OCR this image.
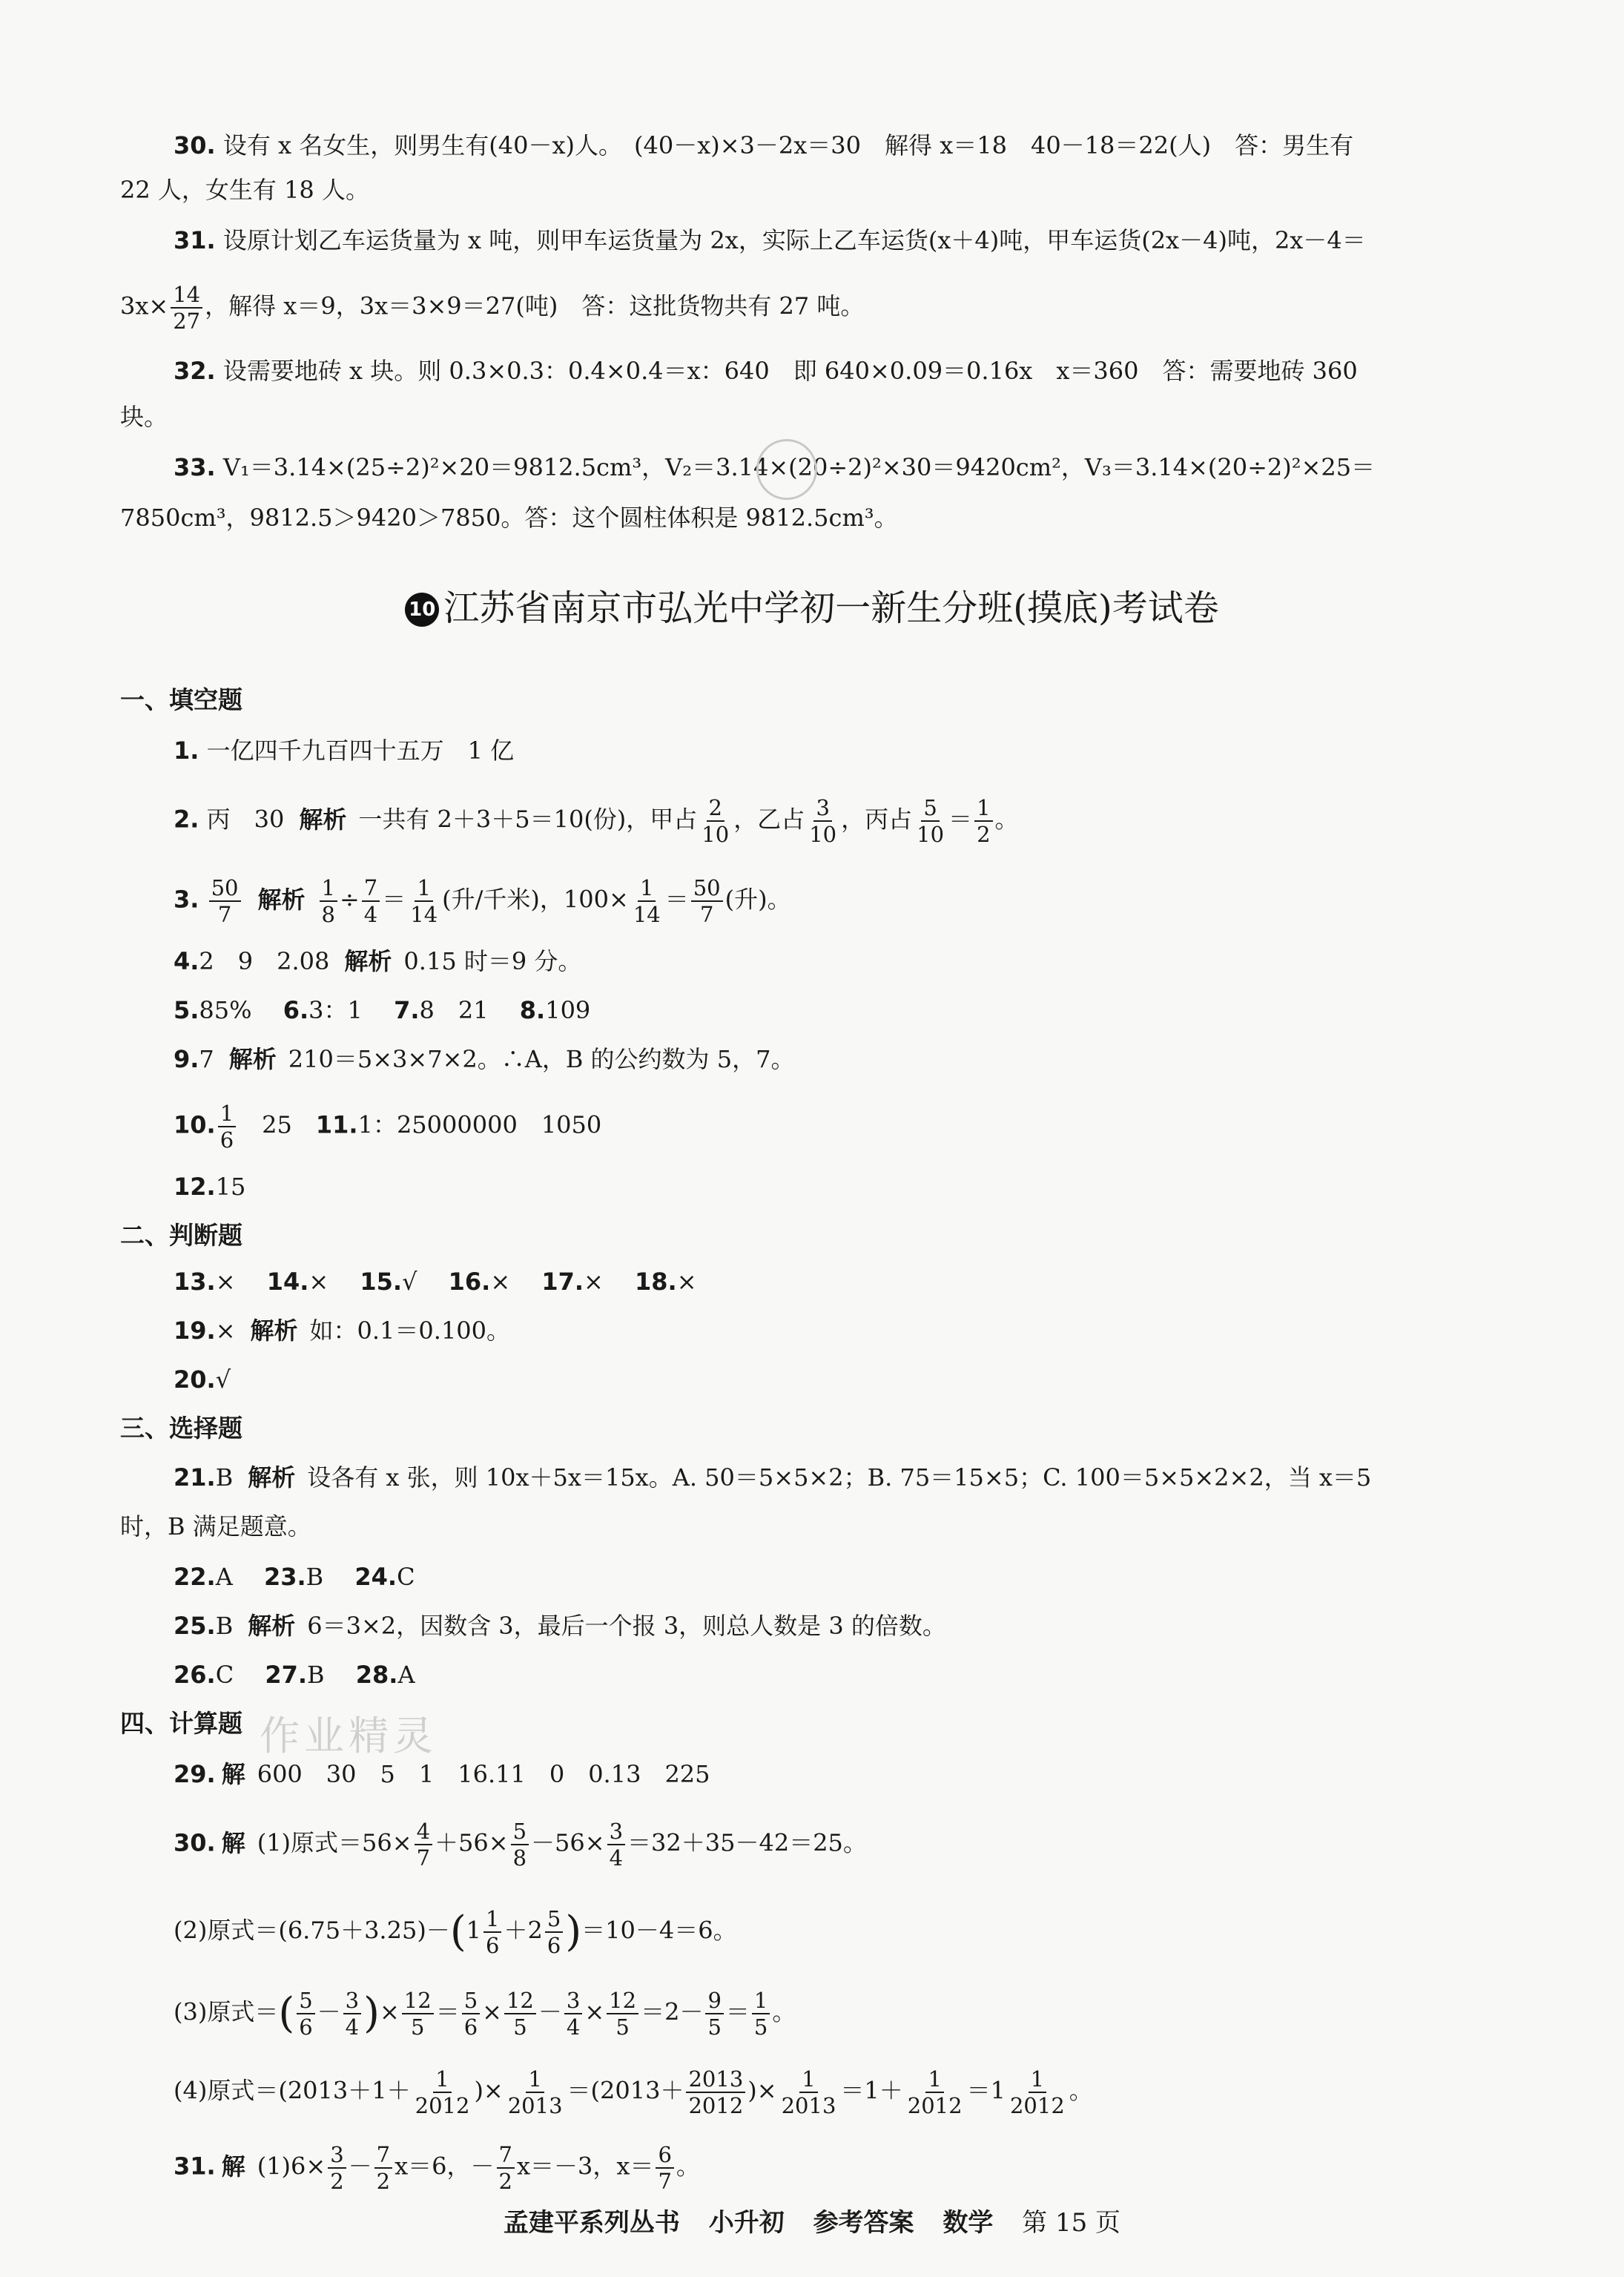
30. 设有 x 名女生，则男生有(40－x)人。　(40－x)×3－2x＝30　解得 x＝18　40－18＝22(人)　答：男生有
22 人，女生有 18 人。
31. 设原计划乙车运货量为 x 吨，则甲车运货量为 2x，实际上乙车运货(x＋4)吨，甲车运货(2x－4)吨，2x－4＝
$3x\times \frac{14}{27}$ ，解得 x＝9，3x＝3×9＝27(吨)　答：这批货物共有 27 吨。
32. 设需要地砖 x 块。则 0.3×0.3：0.4×0.4＝x：640　即 640×0.09＝0.16x　x＝360　答：需要地砖 360
块。
33. V₁＝3.14×(25÷2)²×20＝9812.5cm³，V₂＝3.14×(20÷2)²×30＝9420cm²，V₃＝3.14×(20÷2)²×25＝
7850cm³，9812.5＞9420＞7850。答：这个圆柱体积是 9812.5cm³。
10 江苏省南京市弘光中学初一新生分班(摸底)考试卷
一、填空题
1. 一亿四千九百四十五万　1 亿
2. 丙　30 解析 一共有 2＋3＋5＝10(份)，甲占 $\frac{2}{10}$ ，乙占 $\frac{3}{10}$ ，丙占 $\frac{5}{10} = \frac{1}{2}$ 。
3. $\frac{50}{7}$ 解析 $\frac{1}{8} \div \frac{7}{4} = \frac{1}{14}$ (升/千米)，$100\times \frac{1}{14} = \frac{50}{7}$ (升)。
4.2　9　2.08 解析 0.15 时＝9 分。
5.85%　 6.3：1　 7.8　21　 8.109
9.7 解析 210＝5×3×7×2。∴A，B 的公约数为 5，7。
10. $\frac{1}{6}$
　 25　 11.1：25000000　1050
12.15
二、判断题
13.×　 14.×　 15.√　 16.×　 17.×　 18.×
19.× 解析 如：0.1＝0.100。
20.√
三、选择题
21.B 解析 设各有 x 张，则 10x＋5x＝15x。A. 50＝5×5×2；B. 75＝15×5；C. 100＝5×5×2×2，当 x＝5
时，B 满足题意。
22.A　 23.B　 24.C
25.B 解析 6＝3×2，因数含 3，最后一个报 3，则总人数是 3 的倍数。
26.C　 27.B　 28.A
四、计算题 作业精灵
29. 解 600　30　5　1　16.11　0　0.13　225
30. 解 (1)原式$=56\times \frac{4}{7} +56\times \frac{5}{8} -56\times \frac{3}{4} =32+35-42=25$。
(2)原式$=(6.75+3.25)-(1 \frac{1}{6} +2 \frac{5}{6} )=10-4=6$。
(3)原式＝( $\frac{5}{6} - \frac{3}{4}$ )× $\frac{12}{5} = \frac{5}{6} \times \frac{12}{5} - \frac{3}{4} \times \frac{12}{5} =2- \frac{9}{5} = \frac{1}{5}$ 。
(4)原式$=(2013+1+ \frac{1}{2012}$ )× $\frac{1}{2013} =(2013+ \frac{2013}{2012}$ )× $\frac{1}{2013} =1+ \frac{1}{2012} =1 \frac{1}{2012}$ 。
31. 解 $(1)6\times \frac{3}{2} - \frac{7}{2} x=6$，－ $\frac{7}{2} x=-3$，$x= \frac{6}{7}$ 。
孟建平系列丛书 小升初 参考答案 数学 第 15 页
